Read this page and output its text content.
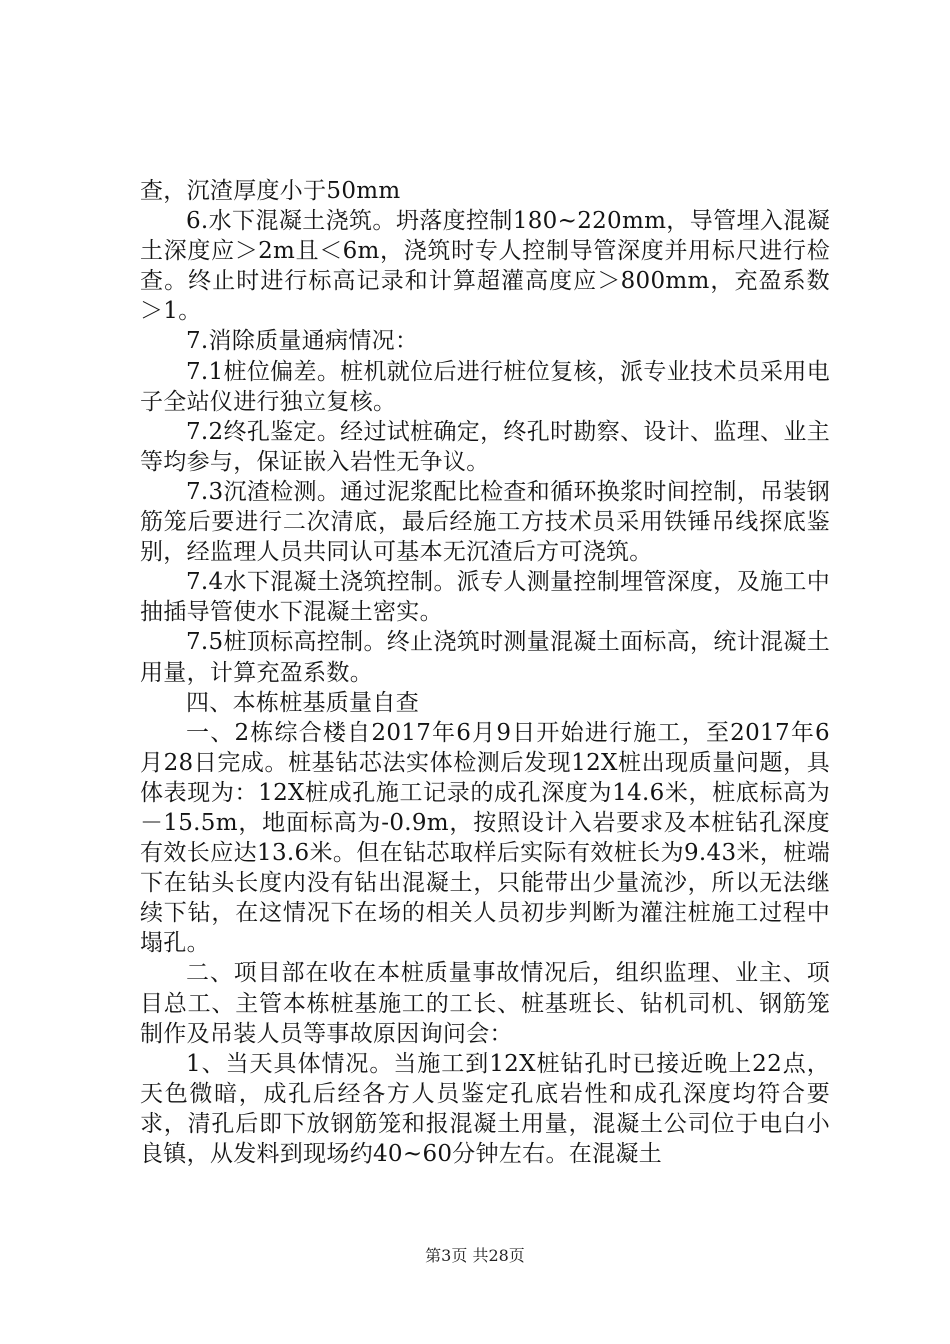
查，沉渣厚度小于50mm

6.水下混凝土浇筑。坍落度控制180~220mm，导管埋入混凝土深度应＞2m且＜6m，浇筑时专人控制导管深度并用标尺进行检查。终止时进行标高记录和计算超灌高度应＞800mm，充盈系数＞1。

7.消除质量通病情况：

7.1桩位偏差。桩机就位后进行桩位复核，派专业技术员采用电子全站仪进行独立复核。

7.2终孔鉴定。经过试桩确定，终孔时勘察、设计、监理、业主等均参与，保证嵌入岩性无争议。

7.3沉渣检测。通过泥浆配比检查和循环换浆时间控制，吊装钢筋笼后要进行二次清底，最后经施工方技术员采用铁锤吊线探底鉴别，经监理人员共同认可基本无沉渣后方可浇筑。

7.4水下混凝土浇筑控制。派专人测量控制埋管深度，及施工中抽插导管使水下混凝土密实。

7.5桩顶标高控制。终止浇筑时测量混凝土面标高，统计混凝土用量，计算充盈系数。

四、本栋桩基质量自查

一、2栋综合楼自2017年6月9日开始进行施工，至2017年6月28日完成。桩基钻芯法实体检测后发现12X桩出现质量问题，具体表现为：12X桩成孔施工记录的成孔深度为14.6米，桩底标高为－15.5m，地面标高为-0.9m，按照设计入岩要求及本桩钻孔深度有效长应达13.6米。但在钻芯取样后实际有效桩长为9.43米，桩端下在钻头长度内没有钻出混凝土，只能带出少量流沙，所以无法继续下钻，在这情况下在场的相关人员初步判断为灌注桩施工过程中塌孔。

二、项目部在收在本桩质量事故情况后，组织监理、业主、项目总工、主管本栋桩基施工的工长、桩基班长、钻机司机、钢筋笼制作及吊装人员等事故原因询问会：

1、当天具体情况。当施工到12X桩钻孔时已接近晚上22点，天色微暗，成孔后经各方人员鉴定孔底岩性和成孔深度均符合要求，清孔后即下放钢筋笼和报混凝土用量，混凝土公司位于电白小良镇，从发料到现场约40~60分钟左右。在混凝土

第3页 共28页
